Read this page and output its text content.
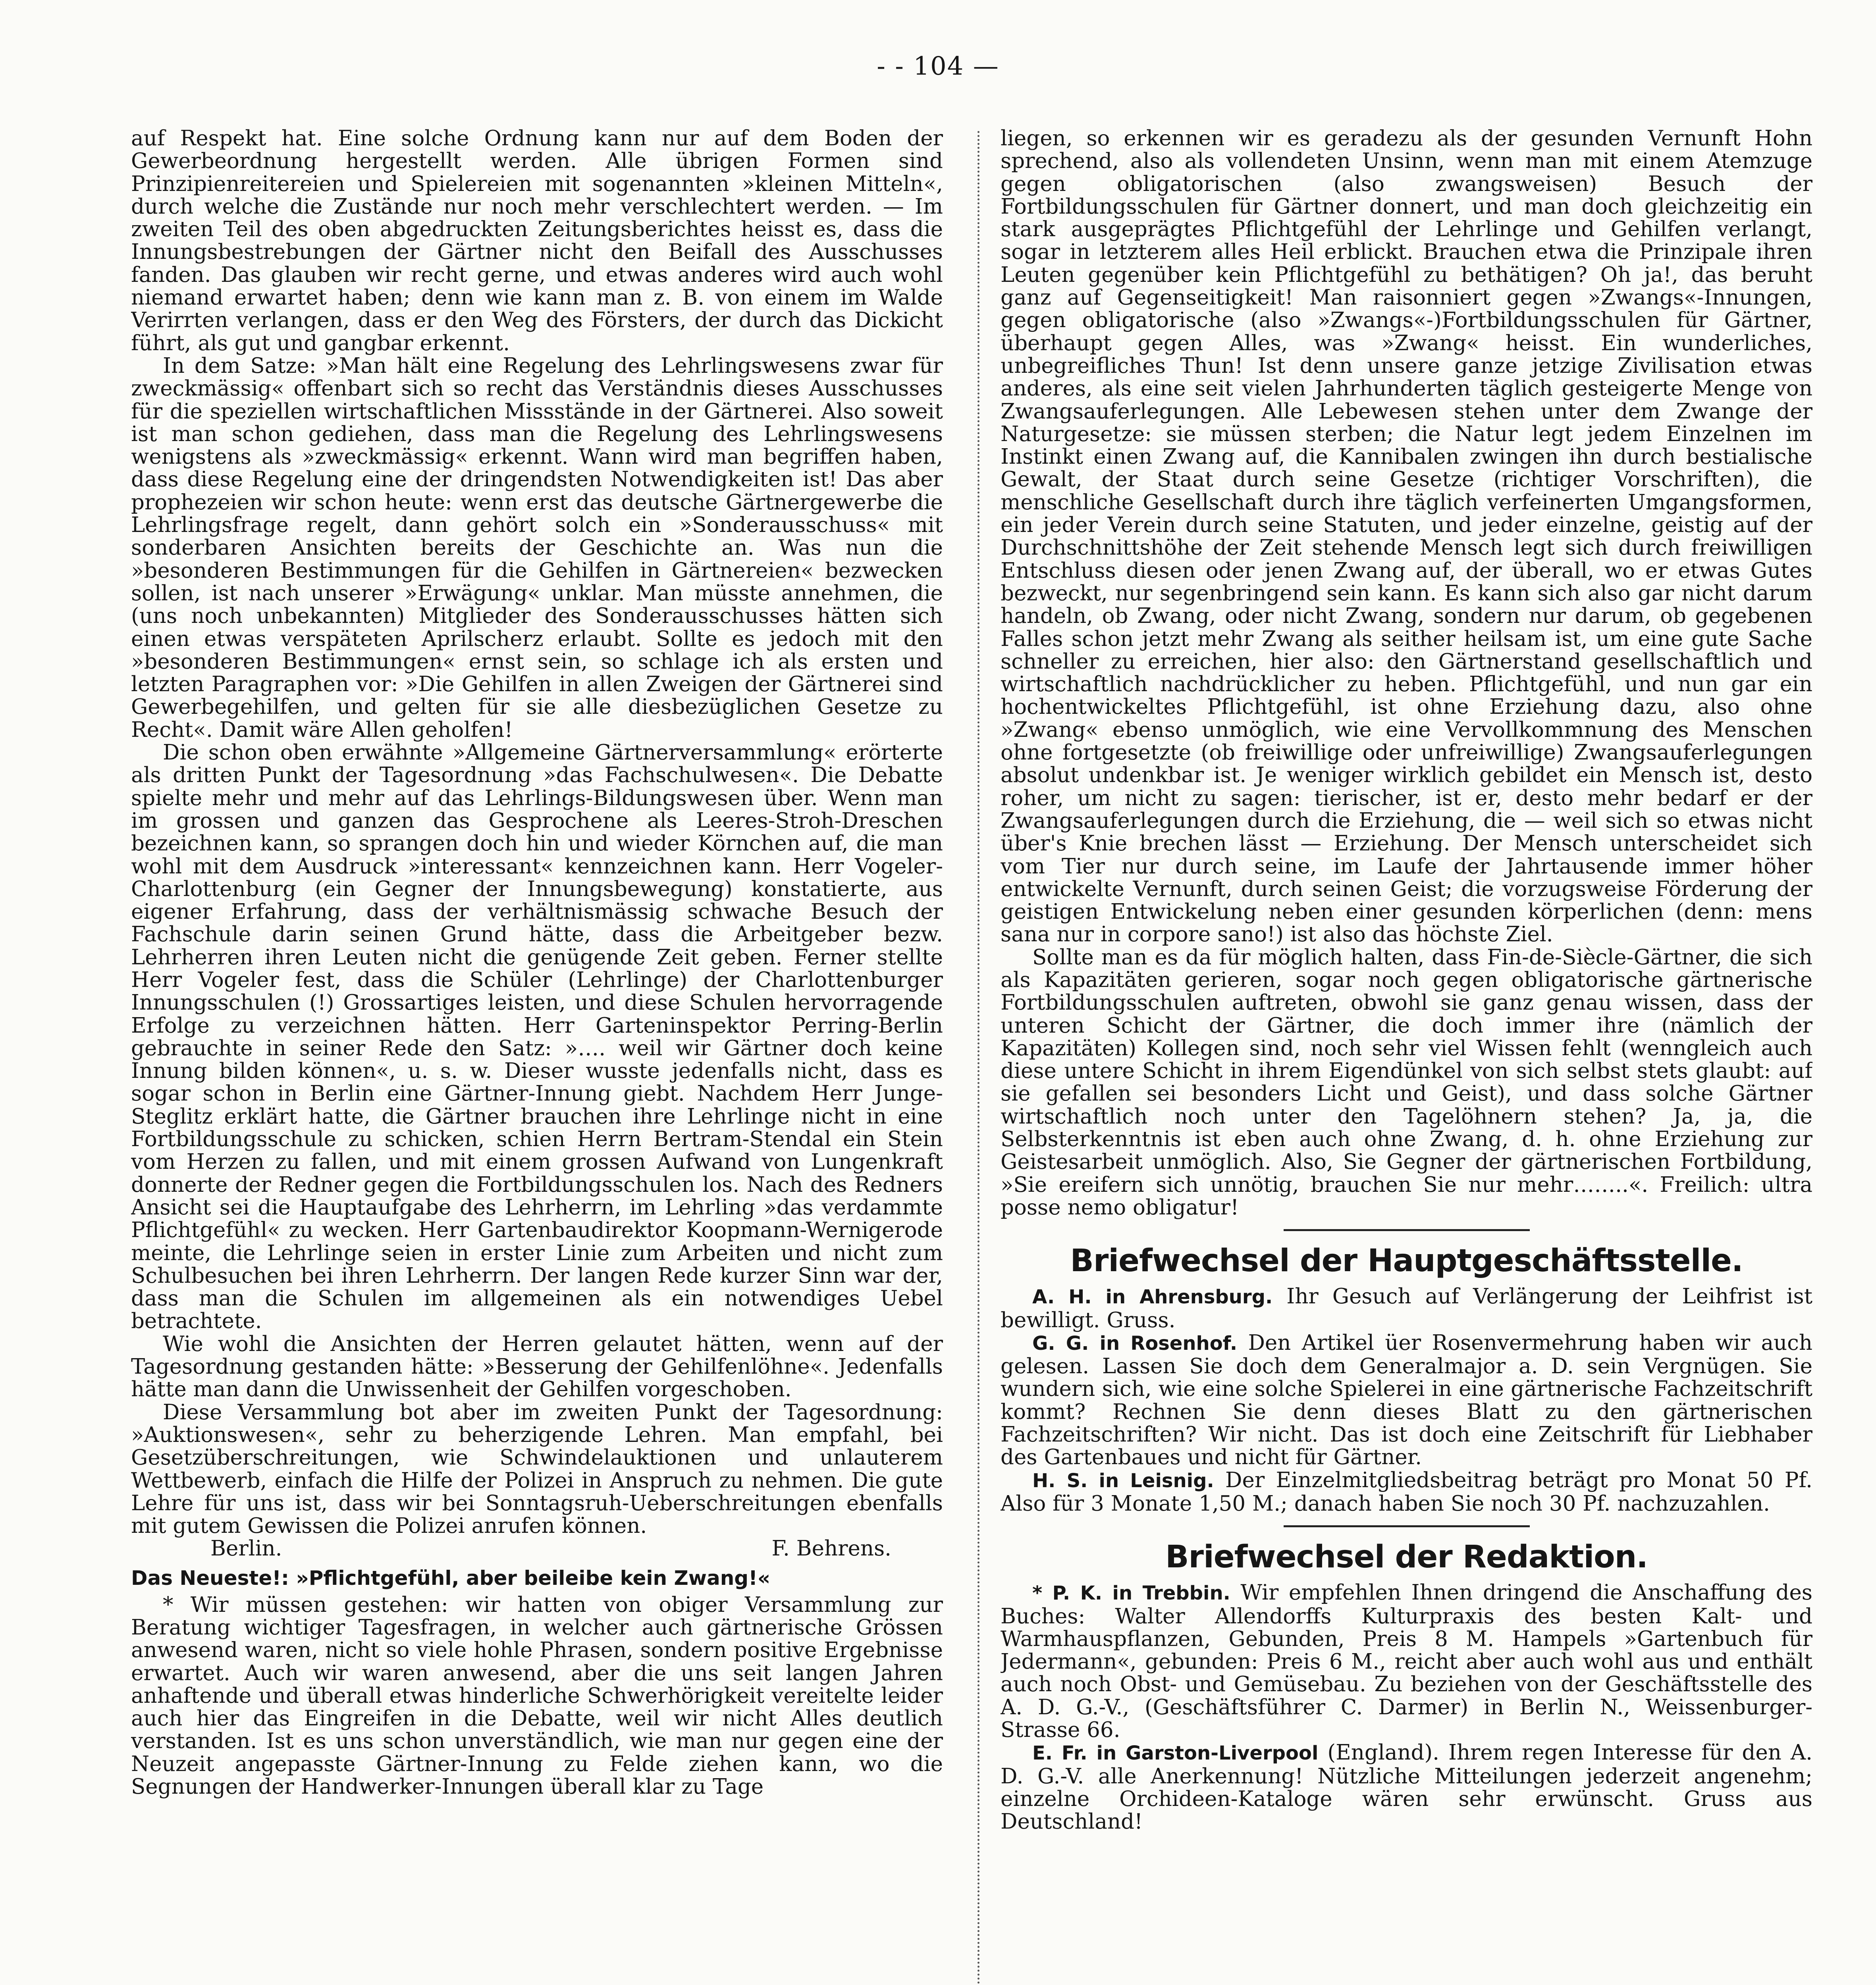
- - 104 —

auf Respekt hat. Eine solche Ordnung kann nur auf dem Boden der Gewerbeordnung hergestellt werden. Alle übrigen Formen sind Prinzipienreitereien und Spielereien mit sogenannten »kleinen Mitteln«, durch welche die Zustände nur noch mehr verschlechtert werden. — Im zweiten Teil des oben abgedruckten Zeitungsberichtes heisst es, dass die Innungsbestrebungen der Gärtner nicht den Beifall des Ausschusses fanden. Das glauben wir recht gerne, und etwas anderes wird auch wohl niemand erwartet haben; denn wie kann man z. B. von einem im Walde Verirrten verlangen, dass er den Weg des Försters, der durch das Dickicht führt, als gut und gangbar erkennt.

In dem Satze: »Man hält eine Regelung des Lehrlingswesens zwar für zweckmässig« offenbart sich so recht das Verständnis dieses Ausschusses für die speziellen wirtschaftlichen Missstände in der Gärtnerei. Also soweit ist man schon gediehen, dass man die Regelung des Lehrlingswesens wenigstens als »zweckmässig« erkennt. Wann wird man begriffen haben, dass diese Regelung eine der dringendsten Notwendigkeiten ist! Das aber prophezeien wir schon heute: wenn erst das deutsche Gärtnergewerbe die Lehrlingsfrage regelt, dann gehört solch ein »Sonderausschuss« mit sonderbaren Ansichten bereits der Geschichte an. Was nun die »besonderen Bestimmungen für die Gehilfen in Gärtnereien« bezwecken sollen, ist nach unserer »Erwägung« unklar. Man müsste annehmen, die (uns noch unbekannten) Mitglieder des Sonderausschusses hätten sich einen etwas verspäteten Aprilscherz erlaubt. Sollte es jedoch mit den »besonderen Bestimmungen« ernst sein, so schlage ich als ersten und letzten Paragraphen vor: »Die Gehilfen in allen Zweigen der Gärtnerei sind Gewerbegehilfen, und gelten für sie alle diesbezüglichen Gesetze zu Recht«. Damit wäre Allen geholfen!

Die schon oben erwähnte »Allgemeine Gärtnerversammlung« erörterte als dritten Punkt der Tagesordnung »das Fachschulwesen«. Die Debatte spielte mehr und mehr auf das Lehrlings-Bildungswesen über. Wenn man im grossen und ganzen das Gesprochene als Leeres-Stroh-Dreschen bezeichnen kann, so sprangen doch hin und wieder Körnchen auf, die man wohl mit dem Ausdruck »interessant« kennzeichnen kann. Herr Vogeler-Charlottenburg (ein Gegner der Innungsbewegung) konstatierte, aus eigener Erfahrung, dass der verhältnismässig schwache Besuch der Fachschule darin seinen Grund hätte, dass die Arbeitgeber bezw. Lehrherren ihren Leuten nicht die genügende Zeit geben. Ferner stellte Herr Vogeler fest, dass die Schüler (Lehrlinge) der Charlottenburger Innungsschulen (!) Grossartiges leisten, und diese Schulen hervorragende Erfolge zu verzeichnen hätten. Herr Garteninspektor Perring-Berlin gebrauchte in seiner Rede den Satz: »…. weil wir Gärtner doch keine Innung bilden können«, u. s. w. Dieser wusste jedenfalls nicht, dass es sogar schon in Berlin eine Gärtner-Innung giebt. Nachdem Herr Junge-Steglitz erklärt hatte, die Gärtner brauchen ihre Lehrlinge nicht in eine Fortbildungsschule zu schicken, schien Herrn Bertram-Stendal ein Stein vom Herzen zu fallen, und mit einem grossen Aufwand von Lungenkraft donnerte der Redner gegen die Fortbildungsschulen los. Nach des Redners Ansicht sei die Hauptaufgabe des Lehrherrn, im Lehrling »das verdammte Pflichtgefühl« zu wecken. Herr Gartenbaudirektor Koopmann-Wernigerode meinte, die Lehrlinge seien in erster Linie zum Arbeiten und nicht zum Schulbesuchen bei ihren Lehrherrn. Der langen Rede kurzer Sinn war der, dass man die Schulen im allgemeinen als ein notwendiges Uebel betrachtete.

Wie wohl die Ansichten der Herren gelautet hätten, wenn auf der Tagesordnung gestanden hätte: »Besserung der Gehilfenlöhne«. Jedenfalls hätte man dann die Unwissenheit der Gehilfen vorgeschoben.

Diese Versammlung bot aber im zweiten Punkt der Tagesordnung: »Auktionswesen«, sehr zu beherzigende Lehren. Man empfahl, bei Gesetzüberschreitungen, wie Schwindelauktionen und unlauterem Wettbewerb, einfach die Hilfe der Polizei in Anspruch zu nehmen. Die gute Lehre für uns ist, dass wir bei Sonntagsruh-Ueberschreitungen ebenfalls mit gutem Gewissen die Polizei anrufen können.

Berlin.	F. Behrens.
Das Neueste!: »Pflichtgefühl, aber beileibe kein Zwang!«

* Wir müssen gestehen: wir hatten von obiger Versammlung zur Beratung wichtiger Tagesfragen, in welcher auch gärtnerische Grössen anwesend waren, nicht so viele hohle Phrasen, sondern positive Ergebnisse erwartet. Auch wir waren anwesend, aber die uns seit langen Jahren anhaftende und überall etwas hinderliche Schwerhörigkeit vereitelte leider auch hier das Eingreifen in die Debatte, weil wir nicht Alles deutlich verstanden. Ist es uns schon unverständlich, wie man nur gegen eine der Neuzeit angepasste Gärtner-Innung zu Felde ziehen kann, wo die Segnungen der Handwerker-Innungen überall klar zu Tage

liegen, so erkennen wir es geradezu als der gesunden Vernunft Hohn sprechend, also als vollendeten Unsinn, wenn man mit einem Atemzuge gegen obligatorischen (also zwangsweisen) Besuch der Fortbildungsschulen für Gärtner donnert, und man doch gleichzeitig ein stark ausgeprägtes Pflichtgefühl der Lehrlinge und Gehilfen verlangt, sogar in letzterem alles Heil erblickt. Brauchen etwa die Prinzipale ihren Leuten gegenüber kein Pflichtgefühl zu bethätigen? Oh ja!, das beruht ganz auf Gegenseitigkeit! Man raisonniert gegen »Zwangs«-Innungen, gegen obligatorische (also »Zwangs«-)Fortbildungsschulen für Gärtner, überhaupt gegen Alles, was »Zwang« heisst. Ein wunderliches, unbegreifliches Thun! Ist denn unsere ganze jetzige Zivilisation etwas anderes, als eine seit vielen Jahrhunderten täglich gesteigerte Menge von Zwangsauferlegungen. Alle Lebewesen stehen unter dem Zwange der Naturgesetze: sie müssen sterben; die Natur legt jedem Einzelnen im Instinkt einen Zwang auf, die Kannibalen zwingen ihn durch bestialische Gewalt, der Staat durch seine Gesetze (richtiger Vorschriften), die menschliche Gesellschaft durch ihre täglich verfeinerten Umgangsformen, ein jeder Verein durch seine Statuten, und jeder einzelne, geistig auf der Durchschnittshöhe der Zeit stehende Mensch legt sich durch freiwilligen Entschluss diesen oder jenen Zwang auf, der überall, wo er etwas Gutes bezweckt, nur segenbringend sein kann. Es kann sich also gar nicht darum handeln, ob Zwang, oder nicht Zwang, sondern nur darum, ob gegebenen Falles schon jetzt mehr Zwang als seither heilsam ist, um eine gute Sache schneller zu erreichen, hier also: den Gärtnerstand gesellschaftlich und wirtschaftlich nachdrücklicher zu heben. Pflichtgefühl, und nun gar ein hochentwickeltes Pflichtgefühl, ist ohne Erziehung dazu, also ohne »Zwang« ebenso unmöglich, wie eine Vervollkommnung des Menschen ohne fortgesetzte (ob freiwillige oder unfreiwillige) Zwangsauferlegungen absolut undenkbar ist. Je weniger wirklich gebildet ein Mensch ist, desto roher, um nicht zu sagen: tierischer, ist er, desto mehr bedarf er der Zwangsauferlegungen durch die Erziehung, die — weil sich so etwas nicht über's Knie brechen lässt — Erziehung. Der Mensch unterscheidet sich vom Tier nur durch seine, im Laufe der Jahrtausende immer höher entwickelte Vernunft, durch seinen Geist; die vorzugsweise Förderung der geistigen Entwickelung neben einer gesunden körperlichen (denn: mens sana nur in corpore sano!) ist also das höchste Ziel.

Sollte man es da für möglich halten, dass Fin-de-Siècle-Gärtner, die sich als Kapazitäten gerieren, sogar noch gegen obligatorische gärtnerische Fortbildungsschulen auftreten, obwohl sie ganz genau wissen, dass der unteren Schicht der Gärtner, die doch immer ihre (nämlich der Kapazitäten) Kollegen sind, noch sehr viel Wissen fehlt (wenngleich auch diese untere Schicht in ihrem Eigendünkel von sich selbst stets glaubt: auf sie gefallen sei besonders Licht und Geist), und dass solche Gärtner wirtschaftlich noch unter den Tagelöhnern stehen? Ja, ja, die Selbsterkenntnis ist eben auch ohne Zwang, d. h. ohne Erziehung zur Geistesarbeit unmöglich. Also, Sie Gegner der gärtnerischen Fortbildung, »Sie ereifern sich unnötig, brauchen Sie nur mehr……..«. Freilich: ultra posse nemo obligatur!

Briefwechsel der Hauptgeschäftsstelle.

A. H. in Ahrensburg. Ihr Gesuch auf Verlängerung der Leihfrist ist bewilligt. Gruss.

G. G. in Rosenhof. Den Artikel üer Rosenvermehrung haben wir auch gelesen. Lassen Sie doch dem Generalmajor a. D. sein Vergnügen. Sie wundern sich, wie eine solche Spielerei in eine gärtnerische Fachzeitschrift kommt? Rechnen Sie denn dieses Blatt zu den gärtnerischen Fachzeitschriften? Wir nicht. Das ist doch eine Zeitschrift für Liebhaber des Gartenbaues und nicht für Gärtner.

H. S. in Leisnig. Der Einzelmitgliedsbeitrag beträgt pro Monat 50 Pf. Also für 3 Monate 1,50 M.; danach haben Sie noch 30 Pf. nachzuzahlen.

Briefwechsel der Redaktion.

* P. K. in Trebbin. Wir empfehlen Ihnen dringend die Anschaffung des Buches: Walter Allendorffs Kulturpraxis des besten Kalt- und Warmhauspflanzen, Gebunden, Preis 8 M. Hampels »Gartenbuch für Jedermann«, gebunden: Preis 6 M., reicht aber auch wohl aus und enthält auch noch Obst- und Gemüsebau. Zu beziehen von der Geschäftsstelle des A. D. G.-V., (Geschäftsführer C. Darmer) in Berlin N., Weissenburger-Strasse 66.

E. Fr. in Garston-Liverpool (England). Ihrem regen Interesse für den A. D. G.-V. alle Anerkennung! Nützliche Mitteilungen jederzeit angenehm; einzelne Orchideen-Kataloge wären sehr erwünscht. Gruss aus Deutschland!
